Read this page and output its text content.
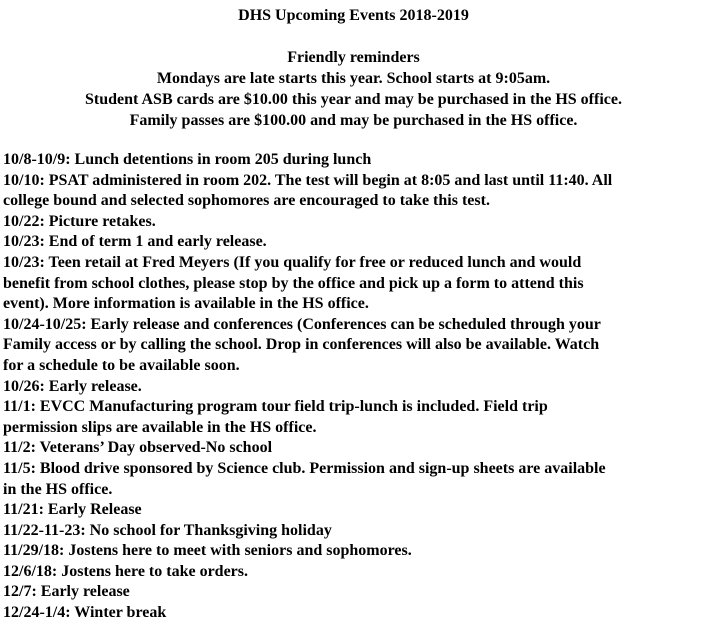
DHS Upcoming Events 2018-2019
Friendly reminders
Mondays are late starts this year. School starts at 9:05am.
Student ASB cards are $10.00 this year and may be purchased in the HS office.
Family passes are $100.00 and may be purchased in the HS office.
10/8-10/9: Lunch detentions in room 205 during lunch
10/10: PSAT administered in room 202. The test will begin at 8:05 and last until 11:40. All
college bound and selected sophomores are encouraged to take this test.
10/22: Picture retakes.
10/23: End of term 1 and early release.
10/23: Teen retail at Fred Meyers (If you qualify for free or reduced lunch and would
benefit from school clothes, please stop by the office and pick up a form to attend this
event). More information is available in the HS office.
10/24-10/25: Early release and conferences (Conferences can be scheduled through your
Family access or by calling the school. Drop in conferences will also be available. Watch
for a schedule to be available soon.
10/26: Early release.
11/1: EVCC Manufacturing program tour field trip-lunch is included. Field trip
permission slips are available in the HS office.
11/2: Veterans’ Day observed-No school
11/5: Blood drive sponsored by Science club. Permission and sign-up sheets are available
in the HS office.
11/21: Early Release
11/22-11-23: No school for Thanksgiving holiday
11/29/18: Jostens here to meet with seniors and sophomores.
12/6/18: Jostens here to take orders.
12/7: Early release
12/24-1/4: Winter break
